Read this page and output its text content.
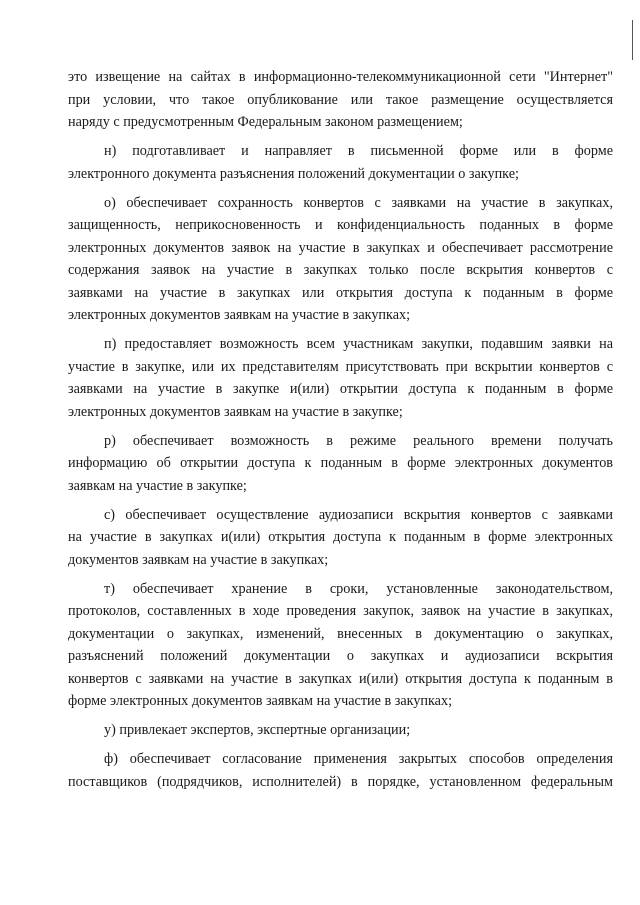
это извещение на сайтах в информационно-телекоммуникационной сети "Интернет"
при условии, что такое опубликование или такое размещение осуществляется
наряду с предусмотренным Федеральным законом размещением;
н) подготавливает и направляет в письменной форме или в форме
электронного документа разъяснения положений документации о закупке;
о) обеспечивает сохранность конвертов с заявками на участие в закупках,
защищенность, неприкосновенность и конфиденциальность поданных в форме
электронных документов заявок на участие в закупках и обеспечивает рассмотрение
содержания заявок на участие в закупках только после вскрытия конвертов с
заявками на участие в закупках или открытия доступа к поданным в форме
электронных документов заявкам на участие в закупках;
п) предоставляет возможность всем участникам закупки, подавшим заявки на
участие в закупке, или их представителям присутствовать при вскрытии конвертов с
заявками на участие в закупке и(или) открытии доступа к поданным в форме
электронных документов заявкам на участие в закупке;
р) обеспечивает возможность в режиме реального времени получать
информацию об открытии доступа к поданным в форме электронных документов
заявкам на участие в закупке;
с) обеспечивает осуществление аудиозаписи вскрытия конвертов с заявками
на участие в закупках и(или) открытия доступа к поданным в форме электронных
документов заявкам на участие в закупках;
т) обеспечивает хранение в сроки, установленные законодательством,
протоколов, составленных в ходе проведения закупок, заявок на участие в закупках,
документации о закупках, изменений, внесенных в документацию о закупках,
разъяснений положений документации о закупках и аудиозаписи вскрытия
конвертов с заявками на участие в закупках и(или) открытия доступа к поданным в
форме электронных документов заявкам на участие в закупках;
у) привлекает экспертов, экспертные организации;
ф) обеспечивает согласование применения закрытых способов определения
поставщиков (подрядчиков, исполнителей) в порядке, установленном федеральным
